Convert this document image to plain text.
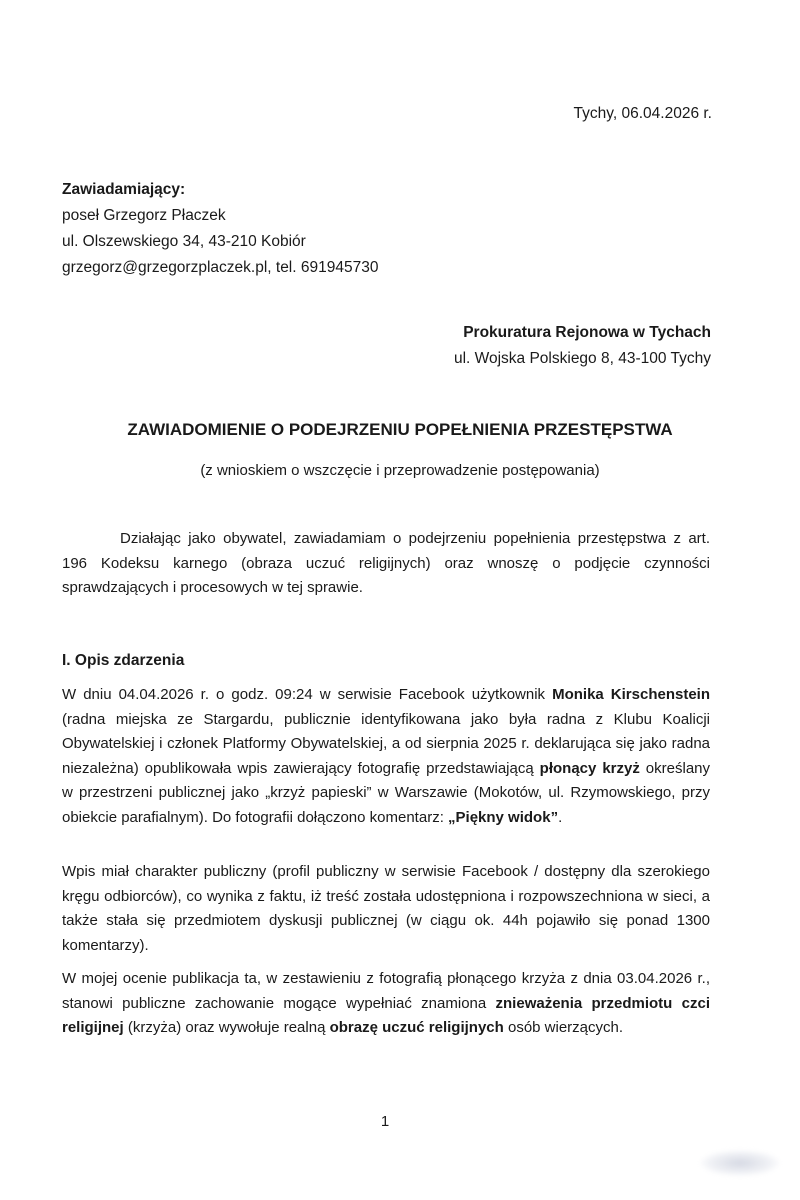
Tychy, 06.04.2026 r.
Zawiadamiający:
poseł Grzegorz Płaczek
ul. Olszewskiego 34, 43-210 Kobiór
grzegorz@grzegorzplaczek.pl, tel. 691945730
Prokuratura Rejonowa w Tychach
ul. Wojska Polskiego 8, 43-100 Tychy
ZAWIADOMIENIE O PODEJRZENIU POPEŁNIENIA PRZESTĘPSTWA
(z wnioskiem o wszczęcie i przeprowadzenie postępowania)
Działając jako obywatel, zawiadamiam o podejrzeniu popełnienia przestępstwa z art. 196 Kodeksu karnego (obraza uczuć religijnych) oraz wnoszę o podjęcie czynności sprawdzających i procesowych w tej sprawie.
I. Opis zdarzenia
W dniu 04.04.2026 r. o godz. 09:24 w serwisie Facebook użytkownik Monika Kirschenstein (radna miejska ze Stargardu, publicznie identyfikowana jako była radna z Klubu Koalicji Obywatelskiej i członek Platformy Obywatelskiej, a od sierpnia 2025 r. deklarująca się jako radna niezależna) opublikowała wpis zawierający fotografię przedstawiającą płonący krzyż określany w przestrzeni publicznej jako „krzyż papieski” w Warszawie (Mokotów, ul. Rzymowskiego, przy obiekcie parafialnym). Do fotografii dołączono komentarz: „Piękny widok”.
Wpis miał charakter publiczny (profil publiczny w serwisie Facebook / dostępny dla szerokiego kręgu odbiorców), co wynika z faktu, iż treść została udostępniona i rozpowszechniona w sieci, a także stała się przedmiotem dyskusji publicznej (w ciągu ok. 44h pojawiło się ponad 1300 komentarzy).
W mojej ocenie publikacja ta, w zestawieniu z fotografią płonącego krzyża z dnia 03.04.2026 r., stanowi publiczne zachowanie mogące wypełniać znamiona znieważenia przedmiotu czci religijnej (krzyża) oraz wywołuje realną obrazę uczuć religijnych osób wierzących.
1
